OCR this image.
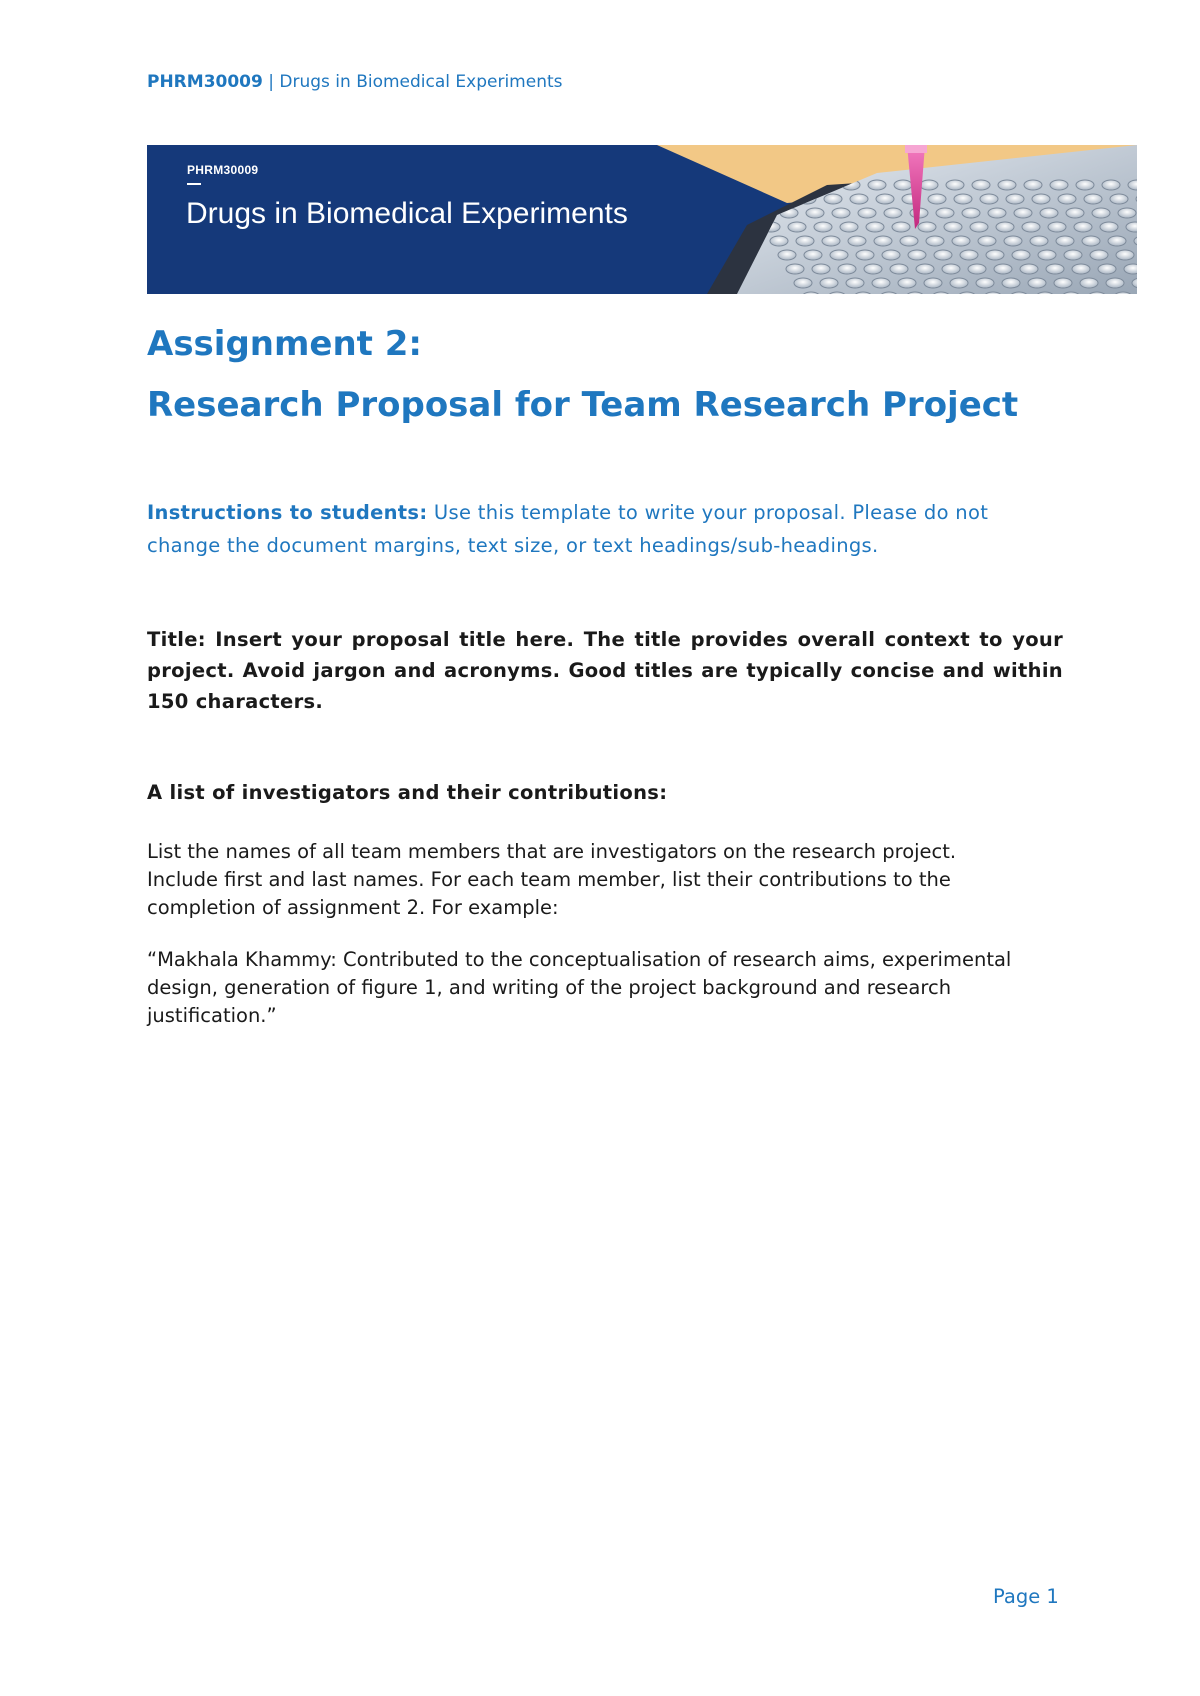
PHRM30009 | Drugs in Biomedical Experiments
PHRM30009
Drugs in Biomedical Experiments
Assignment 2:
Research Proposal for Team Research Project

Instructions to students: Use this template to write your proposal. Please do not change the document margins, text size, or text headings/sub-headings.

Title: Insert your proposal title here. The title provides overall context to your project. Avoid jargon and acronyms. Good titles are typically concise and within 150 characters.

A list of investigators and their contributions:

List the names of all team members that are investigators on the research project. Include first and last names. For each team member, list their contributions to the completion of assignment 2. For example:

“Makhala Khammy: Contributed to the conceptualisation of research aims, experimental design, generation of figure 1, and writing of the project background and research justification.”

Page 1
